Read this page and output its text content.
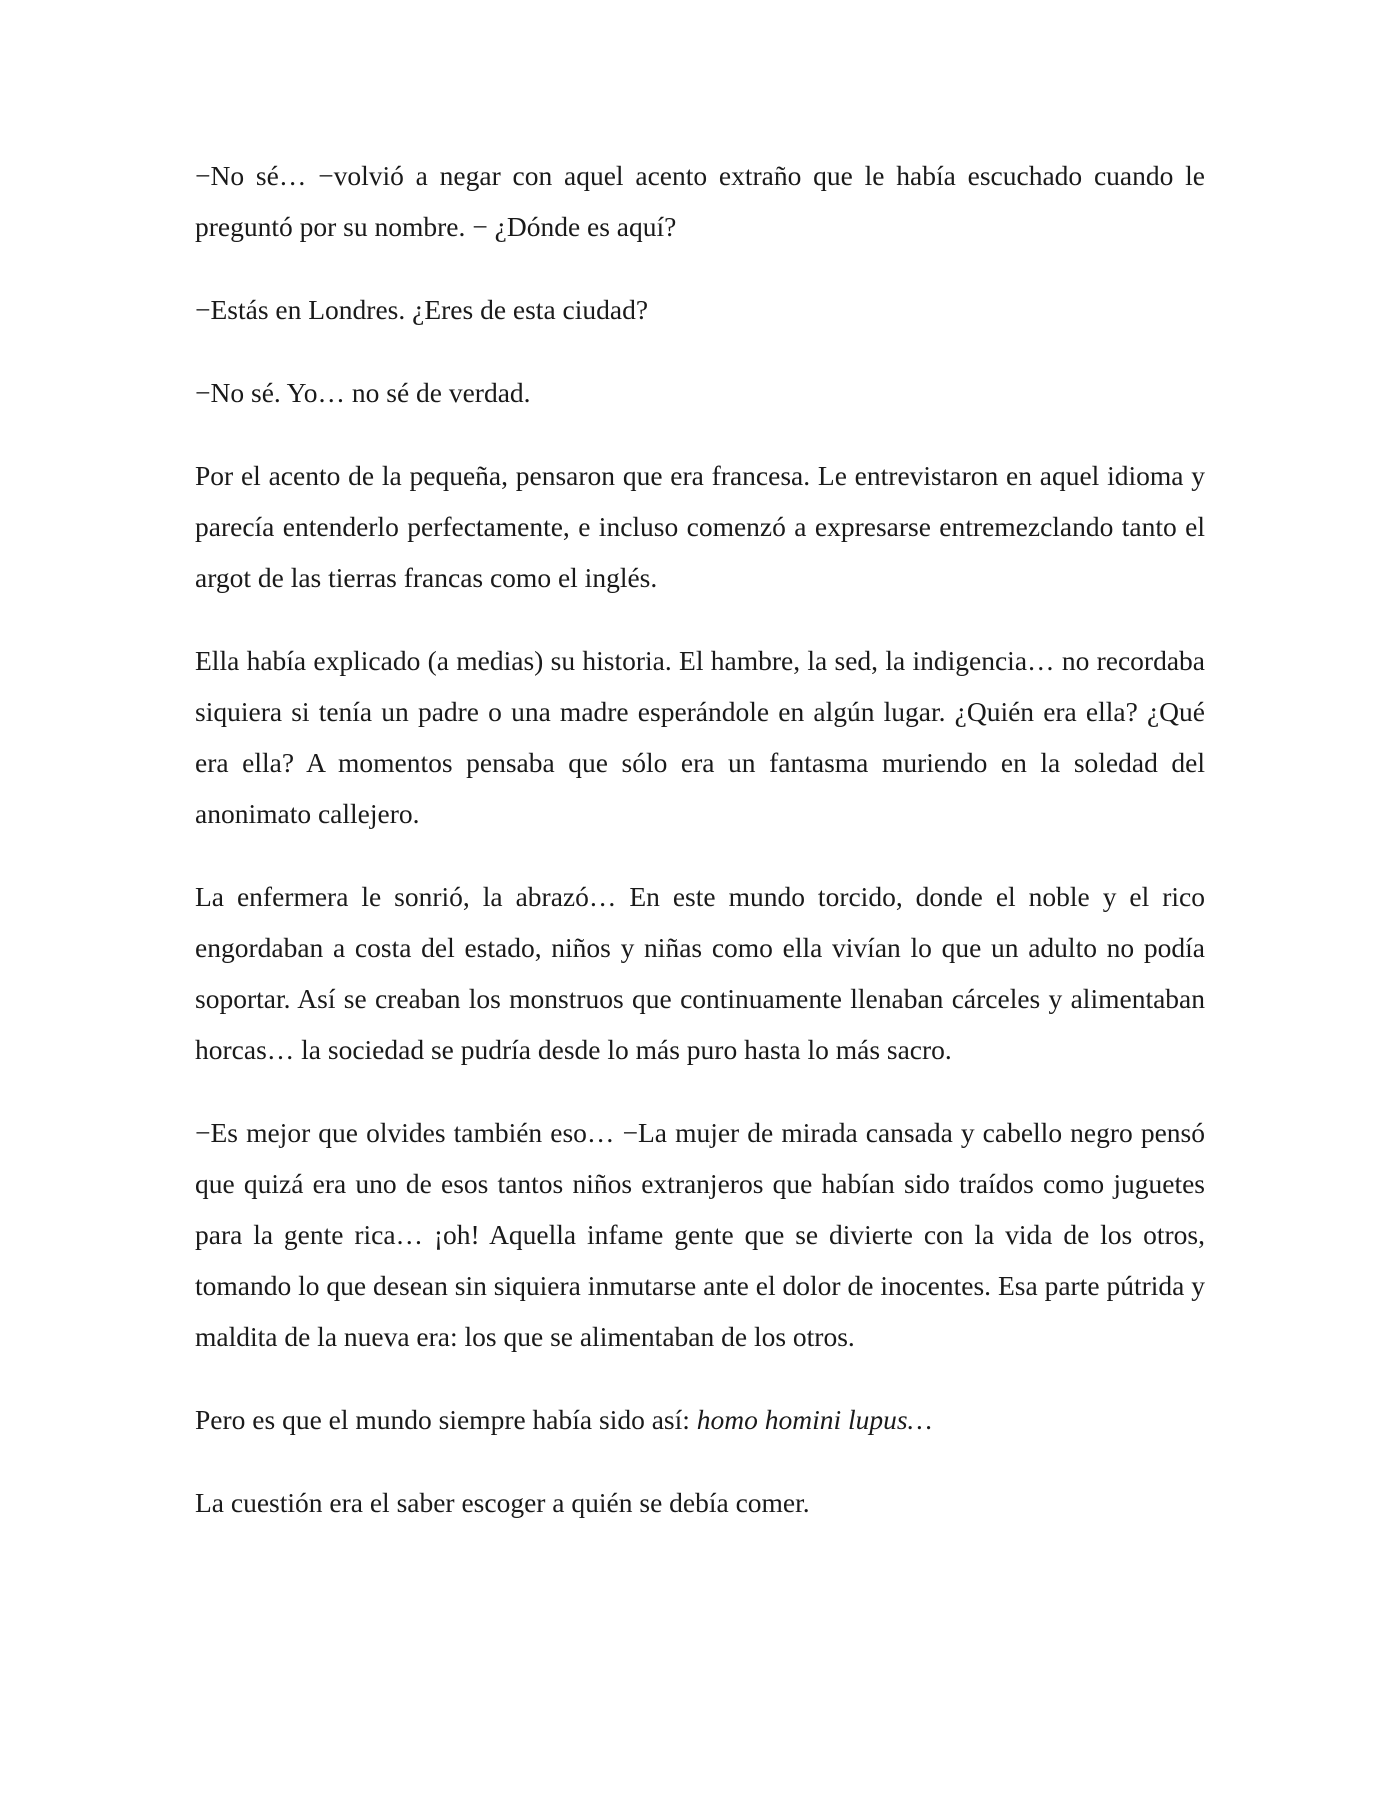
−No sé… −volvió a negar con aquel acento extraño que le había escuchado cuando le preguntó por su nombre. − ¿Dónde es aquí?

−Estás en Londres. ¿Eres de esta ciudad?

−No sé. Yo… no sé de verdad.

Por el acento de la pequeña, pensaron que era francesa. Le entrevistaron en aquel idioma y parecía entenderlo perfectamente, e incluso comenzó a expresarse entremezclando tanto el argot de las tierras francas como el inglés.

Ella había explicado (a medias) su historia. El hambre, la sed, la indigencia… no recordaba siquiera si tenía un padre o una madre esperándole en algún lugar. ¿Quién era ella? ¿Qué era ella? A momentos pensaba que sólo era un fantasma muriendo en la soledad del anonimato callejero.

La enfermera le sonrió, la abrazó… En este mundo torcido, donde el noble y el rico engordaban a costa del estado, niños y niñas como ella vivían lo que un adulto no podía soportar. Así se creaban los monstruos que continuamente llenaban cárceles y alimentaban horcas… la sociedad se pudría desde lo más puro hasta lo más sacro.

−Es mejor que olvides también eso… −La mujer de mirada cansada y cabello negro pensó que quizá era uno de esos tantos niños extranjeros que habían sido traídos como juguetes para la gente rica… ¡oh! Aquella infame gente que se divierte con la vida de los otros, tomando lo que desean sin siquiera inmutarse ante el dolor de inocentes. Esa parte pútrida y maldita de la nueva era: los que se alimentaban de los otros.

Pero es que el mundo siempre había sido así: homo homini lupus…

La cuestión era el saber escoger a quién se debía comer.
